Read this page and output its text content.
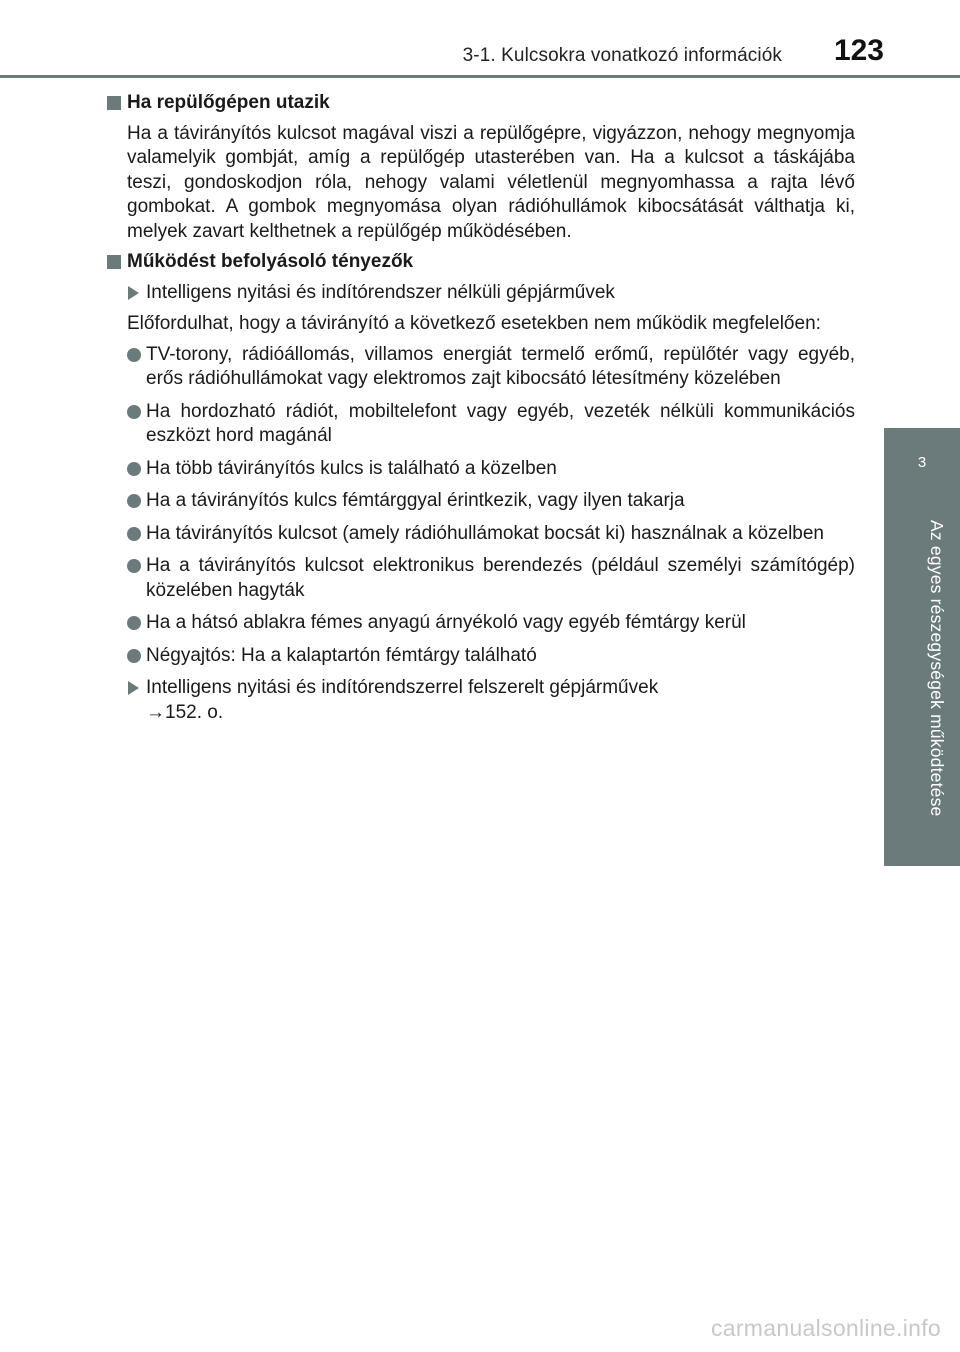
3-1. Kulcsokra vonatkozó információk 123
3
Az egyes részegységek működtetése
Ha repülőgépen utazik

Ha a távirányítós kulcsot magával viszi a repülőgépre, vigyázzon, nehogy megnyomja valamelyik gombját, amíg a repülőgép utasterében van. Ha a kulcsot a táskájába teszi, gondoskodjon róla, nehogy valami véletlenül megnyomhassa a rajta lévő gombokat. A gombok megnyomása olyan rádióhullámok kibocsátását válthatja ki, melyek zavart kelthetnek a repülőgép működésében.

Működést befolyásoló tényezők
Intelligens nyitási és indítórendszer nélküli gépjárművek

Előfordulhat, hogy a távirányító a következő esetekben nem működik megfelelően:

TV-torony, rádióállomás, villamos energiát termelő erőmű, repülőtér vagy egyéb, erős rádióhullámokat vagy elektromos zajt kibocsátó létesítmény közelében
Ha hordozható rádiót, mobiltelefont vagy egyéb, vezeték nélküli kommunikációs eszközt hord magánál
Ha több távirányítós kulcs is található a közelben
Ha a távirányítós kulcs fémtárggyal érintkezik, vagy ilyen takarja
Ha távirányítós kulcsot (amely rádióhullámokat bocsát ki) használnak a közelben
Ha a távirányítós kulcsot elektronikus berendezés (például személyi számítógép) közelében hagyták
Ha a hátsó ablakra fémes anyagú árnyékoló vagy egyéb fémtárgy kerül
Négyajtós: Ha a kalaptartón fémtárgy található
Intelligens nyitási és indítórendszerrel felszerelt gépjárművek
→152. o.
carmanualsonline.info
